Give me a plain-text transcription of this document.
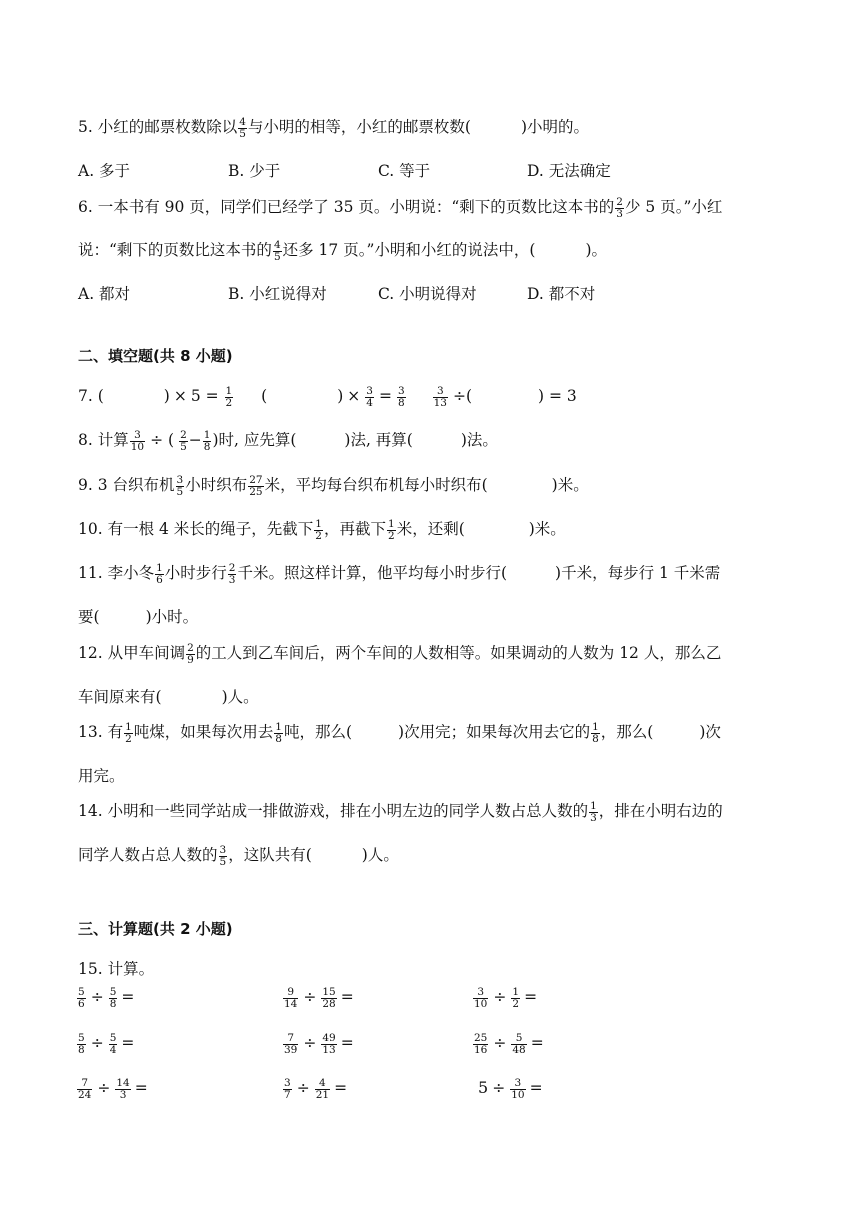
5. 小红的邮票枚数除以 $\frac{4}{5}$ 与小明的相等，小红的邮票枚数(	)小明的。
A. 多于	B. 少于	C. 等于	D. 无法确定
6. 一本书有 90 页，同学们已经学了 35 页。小明说：“剩下的页数比这本书的 $\frac{2}{3}$ 少 5 页。”小红
说：“剩下的页数比这本书的 $\frac{4}{5}$ 还多 17 页。”小明和小红的说法中，(	)。
A. 都对	B. 小红说得对	C. 小明说得对	D. 都不对
二、填空题(共 8 小题)
7. (	) × $5 = \frac{1}{2}$ (	) × $\frac{3}{4} = \frac{3}{8}$
	$\frac{3}{13}$ ÷(	) = 3
8. 计算 $\frac{3}{10}$ ÷ ( $\frac{2}{5} - \frac{1}{8}$ )时, 应先算(	)法, 再算(	)法。
9. 3 台织布机 $\frac{3}{5}$ 小时织布 $\frac{27}{25}$ 米，平均每台织布机每小时织布(	)米。
10. 有一根 4 米长的绳子，先截下 $\frac{1}{2}$ ，再截下 $\frac{1}{2}$ 米，还剩(	)米。
11. 李小冬 $\frac{1}{6}$ 小时步行 $\frac{2}{3}$ 千米。照这样计算，他平均每小时步行(	)千米，每步行 1 千米需
要(	)小时。
12. 从甲车间调 $\frac{2}{9}$ 的工人到乙车间后，两个车间的人数相等。如果调动的人数为 12 人，那么乙
车间原来有(	)人。
13. 有 $\frac{1}{2}$ 吨煤，如果每次用去 $\frac{1}{8}$ 吨，那么(	)次用完；如果每次用去它的 $\frac{1}{8}$ ，那么(	)次
用完。
14. 小明和一些同学站成一排做游戏，排在小明左边的同学人数占总人数的 $\frac{1}{3}$ ，排在小明右边的
同学人数占总人数的 $\frac{3}{5}$ ，这队共有(	)人。
三、计算题(共 2 小题)
15. 计算。
$\frac{5}{6} \div \frac{5}{8}$ =	$\frac{9}{14} \div \frac{15}{28}$ =	$\frac{3}{10} \div \frac{1}{2}$ =
$\frac{5}{8} \div \frac{5}{4}$ =	$\frac{7}{39} \div \frac{49}{13}$ =	$\frac{25}{16} \div \frac{5}{48}$ =
$\frac{7}{24} \div \frac{14}{3}$ =	$\frac{3}{7} \div \frac{4}{21}$ =	$5 \div \frac{3}{10}$ =
